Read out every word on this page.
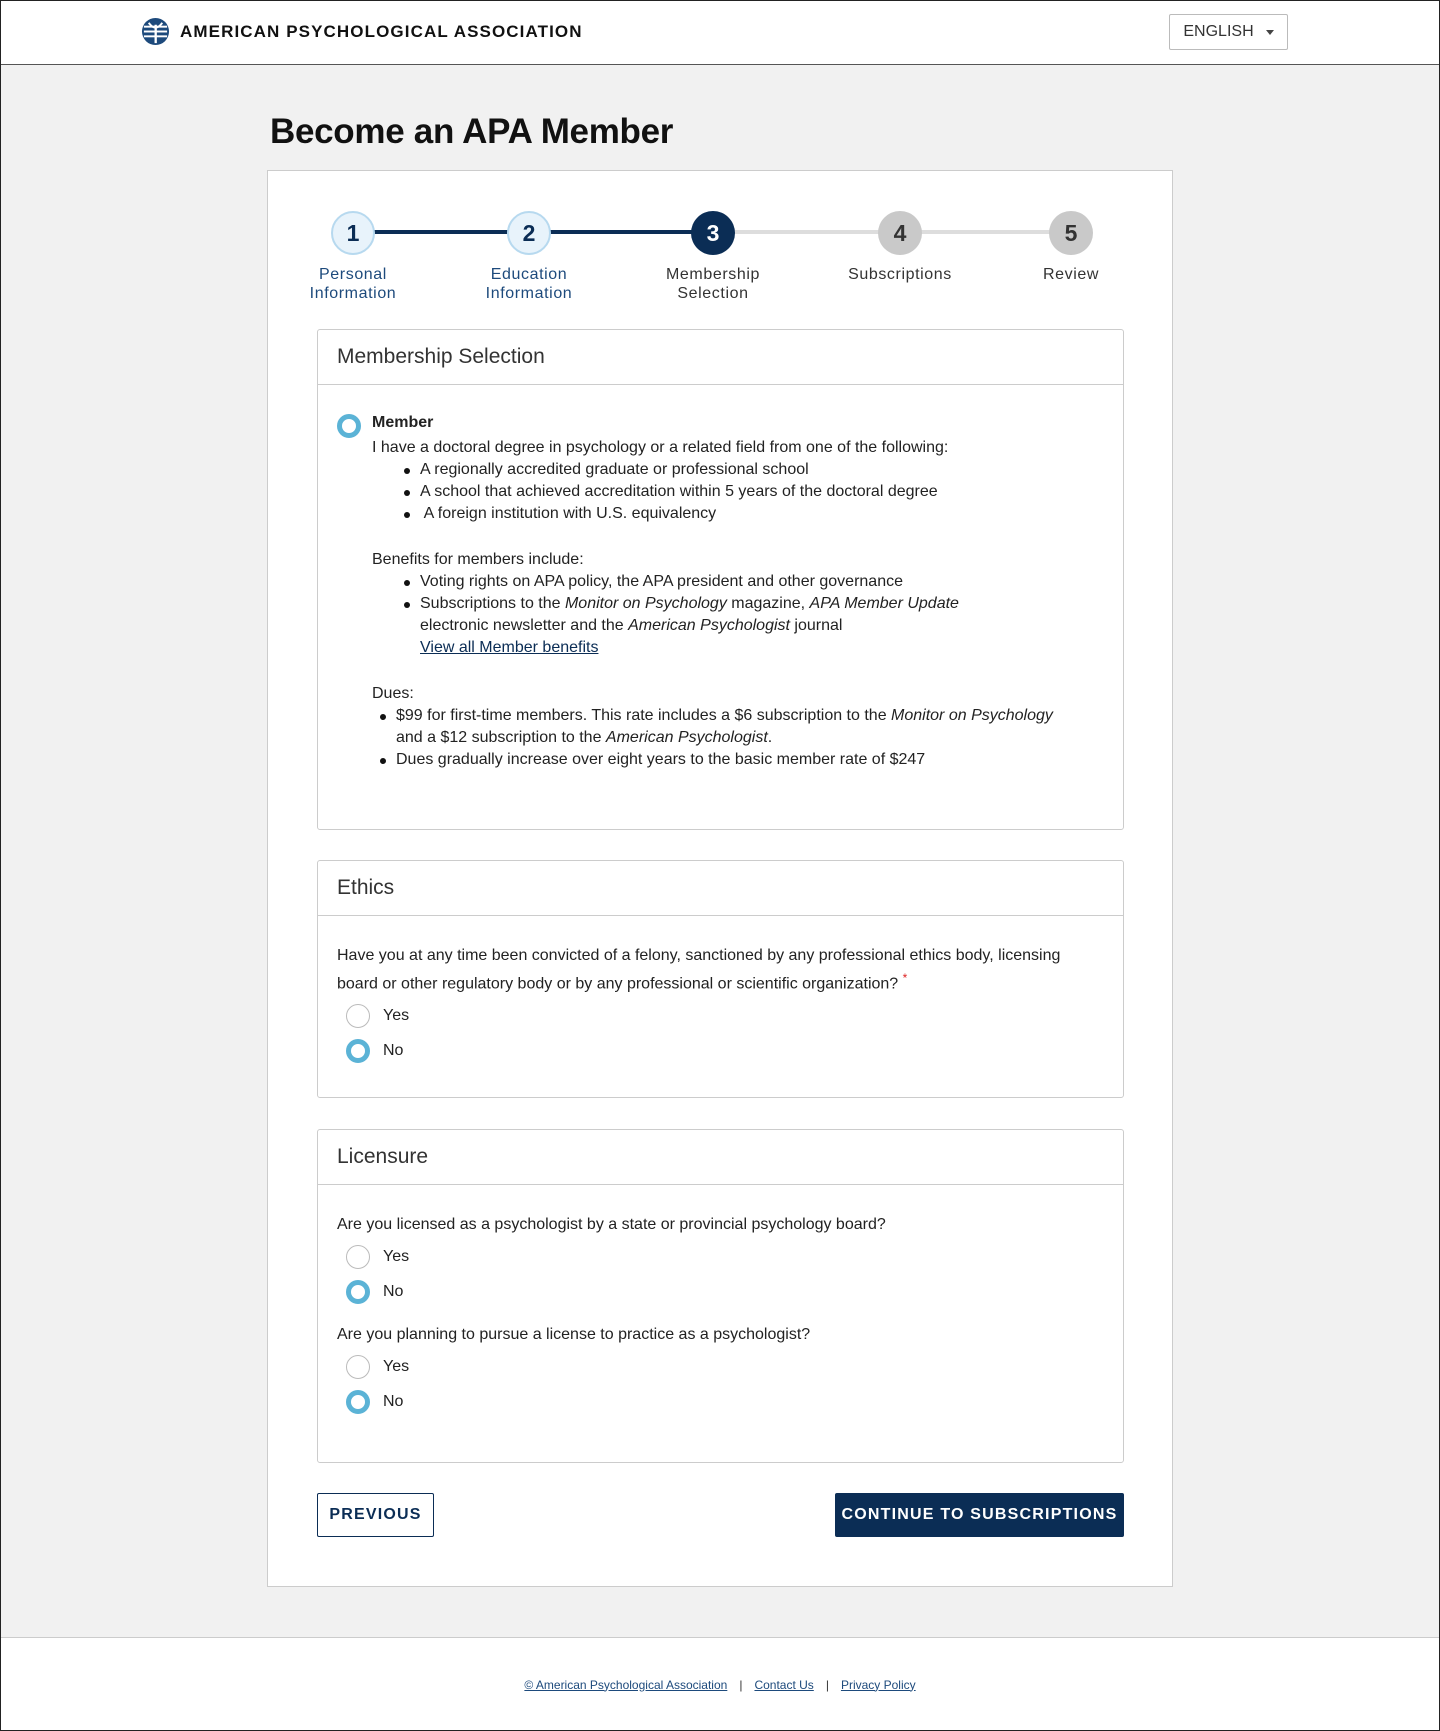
AMERICAN PSYCHOLOGICAL ASSOCIATION	ENGLISH
Become an APA Member
1	2	3	4	5
Personal
Information
Education
Information
Membership
Selection
Subscriptions	Review
Membership Selection
Member
I have a doctoral degree in psychology or a related field from one of the following:
A regionally accredited graduate or professional school
A school that achieved accreditation within 5 years of the doctoral degree
A foreign institution with U.S. equivalency
Benefits for members include:
Voting rights on APA policy, the APA president and other governance
Subscriptions to the Monitor on Psychology magazine, APA Member Update electronic newsletter and the American Psychologist journal
View all Member benefits
Dues:
$99 for first-time members. This rate includes a $6 subscription to the Monitor on Psychology and a $12 subscription to the American Psychologist.
Dues gradually increase over eight years to the basic member rate of $247
Ethics
Have you at any time been convicted of a felony, sanctioned by any professional ethics body, licensing board or other regulatory body or by any professional or scientific organization? *
Yes
No
Licensure
Are you licensed as a psychologist by a state or provincial psychology board?
Yes
No
Are you planning to pursue a license to practice as a psychologist?
Yes
No
PREVIOUS	CONTINUE TO SUBSCRIPTIONS
© American Psychological Association | Contact Us | Privacy Policy
